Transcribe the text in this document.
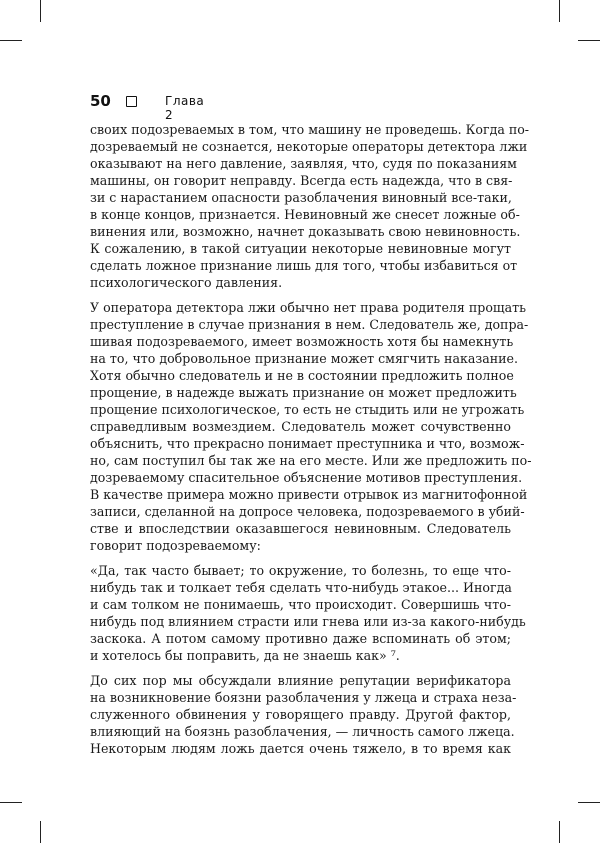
50	Глава 2
своих подозреваемых в том, что машину не проведешь. Когда по-
дозреваемый не сознается, некоторые операторы детектора лжи
оказывают на него давление, заявляя, что, судя по показаниям
машины, он говорит неправду. Всегда есть надежда, что в свя-
зи с нарастанием опасности разоблачения виновный все-таки,
в конце концов, признается. Невиновный же снесет ложные об-
винения или, возможно, начнет доказывать свою невиновность.
К сожалению, в такой ситуации некоторые невиновные могут
сделать ложное признание лишь для того, чтобы избавиться от
психологического давления.
У оператора детектора лжи обычно нет права родителя прощать
преступление в случае признания в нем. Следователь же, допра-
шивая подозреваемого, имеет возможность хотя бы намекнуть
на то, что добровольное признание может смягчить наказание.
Хотя обычно следователь и не в состоянии предложить полное
прощение, в надежде выжать признание он может предложить
прощение психологическое, то есть не стыдить или не угрожать
справедливым возмездием. Следователь может сочувственно
объяснить, что прекрасно понимает преступника и что, возмож-
но, сам поступил бы так же на его месте. Или же предложить по-
дозреваемому спасительное объяснение мотивов преступления.
В качестве примера можно привести отрывок из магнитофонной
записи, сделанной на допросе человека, подозреваемого в убий-
стве и впоследствии оказавшегося невиновным. Следователь
говорит подозреваемому:
«Да, так часто бывает; то окружение, то болезнь, то еще что-
нибудь так и толкает тебя сделать что-нибудь этакое... Иногда
и сам толком не понимаешь, что происходит. Совершишь что-
нибудь под влиянием страсти или гнева или из-за какого-нибудь
заскока. А потом самому противно даже вспоминать об этом;
и хотелось бы поправить, да не знаешь как» ⁷.
До сих пор мы обсуждали влияние репутации верификатора
на возникновение боязни разоблачения у лжеца и страха неза-
служенного обвинения у говорящего правду. Другой фактор,
влияющий на боязнь разоблачения, — личность самого лжеца.
Некоторым людям ложь дается очень тяжело, в то время как
